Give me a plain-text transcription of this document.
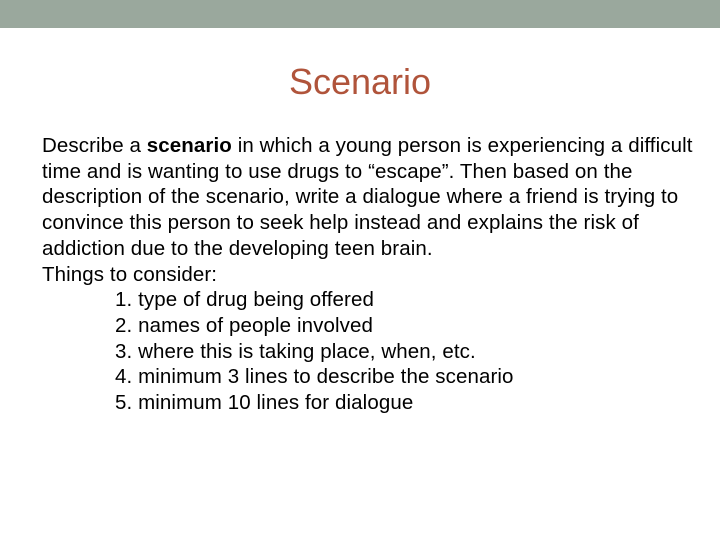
Scenario

Describe a scenario in which a young person is experiencing a difficult time and is wanting to use drugs to “escape”. Then based on the description of the scenario, write a dialogue where a friend is trying to convince this person to seek help instead and explains the risk of addiction due to the developing teen brain.

Things to consider:

1. type of drug being offered
2. names of people involved
3. where this is taking place, when, etc.
4. minimum 3 lines to describe the scenario
5. minimum 10 lines for dialogue
